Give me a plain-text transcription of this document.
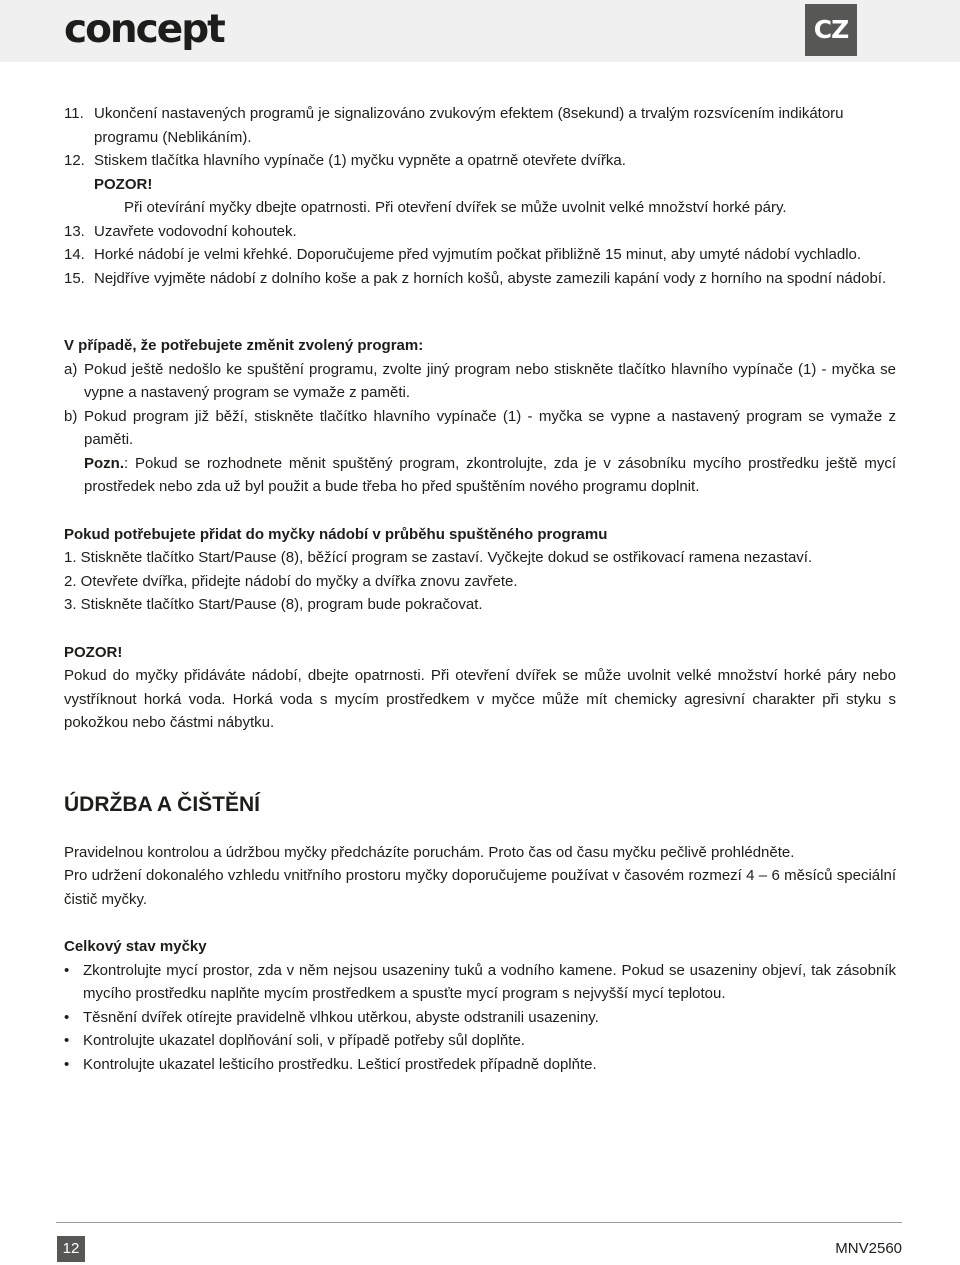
concept	CZ
11. Ukončení nastavených programů je signalizováno zvukovým efektem (8sekund) a trvalým rozsvícením indikátoru programu (Neblikáním).

12. Stiskem tlačítka hlavního vypínače (1) myčku vypněte a opatrně otevřete dvířka.

POZOR!

Při otevírání myčky dbejte opatrnosti. Při otevření dvířek se může uvolnit velké množství horké páry.

13. Uzavřete vodovodní kohoutek.

14. Horké nádobí je velmi křehké. Doporučujeme před vyjmutím počkat přibližně 15 minut, aby umyté nádobí vychladlo.

15. Nejdříve vyjměte nádobí z dolního koše a pak z horních košů, abyste zamezili kapání vody z horního na spodní nádobí.

V případě, že potřebujete změnit zvolený program:

a) Pokud ještě nedošlo ke spuštění programu, zvolte jiný program nebo stiskněte tlačítko hlavního vypínače (1) - myčka se vypne a nastavený program se vymaže z paměti.

b) Pokud program již běží, stiskněte tlačítko hlavního vypínače (1) - myčka se vypne a nastavený program se vymaže z paměti.

Pozn.: Pokud se rozhodnete měnit spuštěný program, zkontrolujte, zda je v zásobníku mycího prostředku ještě mycí prostředek nebo zda už byl použit a bude třeba ho před spuštěním nového programu doplnit.

Pokud potřebujete přidat do myčky nádobí v průběhu spuštěného programu

1. Stiskněte tlačítko Start/Pause (8), běžící program se zastaví. Vyčkejte dokud se ostřikovací ramena nezastaví.

2. Otevřete dvířka, přidejte nádobí do myčky a dvířka znovu zavřete.

3. Stiskněte tlačítko Start/Pause (8), program bude pokračovat.

POZOR!

Pokud do myčky přidáváte nádobí, dbejte opatrnosti. Při otevření dvířek se může uvolnit velké množství horké páry nebo vystříknout horká voda. Horká voda s mycím prostředkem v myčce může mít chemicky agresivní charakter při styku s pokožkou nebo částmi nábytku.

ÚDRŽBA A ČIŠTĚNÍ

Pravidelnou kontrolou a údržbou myčky předcházíte poruchám. Proto čas od času myčku pečlivě prohlédněte.

Pro udržení dokonalého vzhledu vnitřního prostoru myčky doporučujeme používat v časovém rozmezí 4 – 6 měsíců speciální čistič myčky.

Celkový stav myčky

• Zkontrolujte mycí prostor, zda v něm nejsou usazeniny tuků a vodního kamene. Pokud se usazeniny objeví, tak zásobník mycího prostředku naplňte mycím prostředkem a spusťte mycí program s nejvyšší mycí teplotou.
• Těsnění dvířek otírejte pravidelně vlhkou utěrkou, abyste odstranili usazeniny.
• Kontrolujte ukazatel doplňování soli, v případě potřeby sůl doplňte.
• Kontrolujte ukazatel lešticího prostředku. Lešticí prostředek případně doplňte.
12	MNV2560
